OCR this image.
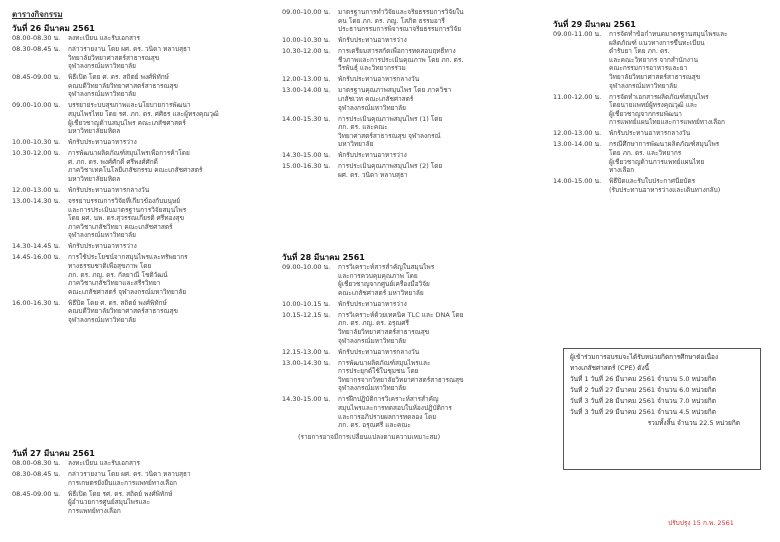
ตารางกิจกรรม
ผู้เข้าร่วมการอบรมจะได้รับหน่วยกิตการศึกษาต่อเนื่อง
ทางเภสัชศาสตร์ (CPE) ดังนี้
วันที่ 1 วันที่ 26 มีนาคม 2561 จำนวน 5.0 หน่วยกิต
วันที่ 2 วันที่ 27 มีนาคม 2561 จำนวน 6.0 หน่วยกิต
วันที่ 3 วันที่ 28 มีนาคม 2561 จำนวน 7.0 หน่วยกิต
วันที่ 3 วันที่ 29 มีนาคม 2561 จำนวน 4.5 หน่วยกิต
รวมทั้งสิ้น จำนวน 22.5 หน่วยกิต
ปรับปรุง 15 ก.พ. 2561
วันที่ 26 มีนาคม 2561
08.00-08.30 น.	ลงทะเบียน และรับเอกสาร
08.30-08.45 น.	กล่าวรายงาน โดย ผศ. ดร. วนิดา หลาบสุธา
วิทยาลัยวิทยาศาสตร์สาธารณสุข
จุฬาลงกรณ์มหาวิทยาลัย
08.45-09.00 น.	พิธีเปิด โดย ศ. ดร. สถิตย์ พงศ์พิทักษ์
คณบดีวิทยาลัยวิทยาศาสตร์สาธารณสุข
จุฬาลงกรณ์มหาวิทยาลัย
09.00-10.00 น.	บรรยายระบบสุขภาพและนโยบายการพัฒนา
สมุนไพรไทย โดย รศ. ภก. ดร. ศศิธร และผู้ทรงคุณวุฒิ
ผู้เชี่ยวชาญด้านสมุนไพร คณะเภสัชศาสตร์
มหาวิทยาลัยมหิดล
10.00-10.30 น.	พักรับประทานอาหารว่าง
10.30-12.00 น.	การพัฒนาผลิตภัณฑ์สมุนไพรเพื่อการค้าโดย
ศ. ภก. ดร. พงศ์ศักดิ์ ศรีพงศ์ศักดิ์
ภาควิชาเทคโนโลยีเภสัชกรรม คณะเภสัชศาสตร์
มหาวิทยาลัยมหิดล
12.00-13.00 น.	พักรับประทานอาหารกลางวัน
13.00-14.30 น.	จรรยาบรรณการวิจัยที่เกี่ยวข้องกับมนุษย์
และการประเมินมาตรฐานการวิจัยสมุนไพร
โดย ผศ. นพ. ดร.สุวรรณเกียรติ ศรีทองสุข
ภาควิชาเภสัชวิทยา คณะเภสัชศาสตร์
จุฬาลงกรณ์มหาวิทยาลัย
14.30-14.45 น.	พักรับประทานอาหารว่าง
14.45-16.00 น.	การใช้ประโยชน์จากสมุนไพรและทรัพยากร
ทางธรรมชาติเพื่อสุขภาพ โดย
ภก. ดร. ภญ. ดร. กัลยาณี โชติวัฒน์
ภาควิชาเภสัชวิทยาและสรีรวิทยา
คณะเภสัชศาสตร์ จุฬาลงกรณ์มหาวิทยาลัย
16.00-16.30 น.	พิธีปิด โดย ศ. ดร. สถิตย์ พงศ์พิทักษ์
คณบดีวิทยาลัยวิทยาศาสตร์สาธารณสุข
จุฬาลงกรณ์มหาวิทยาลัย
วันที่ 27 มีนาคม 2561
08.00-08.30 น.	ลงทะเบียน และรับเอกสาร
08.30-08.45 น.	กล่าวรายงาน โดย ผศ. ดร. วนิดา หลาบสุธา
การเกษตรยั่งยืนและการแพทย์ทางเลือก
08.45-09.00 น.	พิธีเปิด โดย รศ. ดร. สถิตย์ พงศ์พิทักษ์
ผู้อำนวยการศูนย์สมุนไพรและ
การแพทย์ทางเลือก
09.00-10.00 น.	มาตรฐานการทำวิจัยและจริยธรรมการวิจัยใน
คน โดย ภก. ดร. ภญ. โสภิต ธรรมอารี
ประธานกรรมการพิจารณาจริยธรรมการวิจัย
10.00-10.30 น.	พักรับประทานอาหารว่าง
10.30-12.00 น.	การเตรียมสารสกัดเพื่อการทดสอบฤทธิ์ทาง
ชีวภาพและการประเมินคุณภาพ โดย ภก. ดร.
วีรพันธุ์ และวิทยากรร่วม
12.00-13.00 น.	พักรับประทานอาหารกลางวัน
13.00-14.00 น.	มาตรฐานคุณภาพสมุนไพร โดย ภาควิชา
เภสัชเวท คณะเภสัชศาสตร์
จุฬาลงกรณ์มหาวิทยาลัย
14.00-15.30 น.	การประเมินคุณภาพสมุนไพร (1) โดย
ภก. ดร. และคณะ
วิทยาศาสตร์สาธารณสุข จุฬาลงกรณ์
มหาวิทยาลัย
14.30-15.00 น.	พักรับประทานอาหารว่าง
15.00-16.30 น.	การประเมินคุณภาพสมุนไพร (2) โดย
ผศ. ดร. วนิดา หลาบสุธา
วันที่ 28 มีนาคม 2561
09.00-10.00 น.	การวิเคราะห์สารสำคัญในสมุนไพร
และการควบคุมคุณภาพ โดย
ผู้เชี่ยวชาญจากศูนย์เครื่องมือวิจัย
คณะเภสัชศาสตร์ มหาวิทยาลัย
10.00-10.15 น.	พักรับประทานอาหารว่าง
10.15-12.15 น.	การวิเคราะห์ด้วยเทคนิค TLC และ DNA โดย
ภก. ดร. ภญ. ดร. อรุณศรี
วิทยาลัยวิทยาศาสตร์สาธารณสุข
จุฬาลงกรณ์มหาวิทยาลัย
12.15-13.00 น.	พักรับประทานอาหารกลางวัน
13.00-14.30 น.	การพัฒนาผลิตภัณฑ์สมุนไพรและ
การประยุกต์ใช้ในชุมชน โดย
วิทยากรจากวิทยาลัยวิทยาศาสตร์สาธารณสุข
จุฬาลงกรณ์มหาวิทยาลัย
14.30-15.00 น.	การฝึกปฏิบัติการวิเคราะห์สารสำคัญ
สมุนไพรและการทดสอบในห้องปฏิบัติการ
และการอภิปรายผลการทดลอง โดย
ภก. ดร. อรุณศรี และคณะ
(รายการอาจมีการเปลี่ยนแปลงตามความเหมาะสม)
วันที่ 29 มีนาคม 2561
09.00-11.00 น.	การจัดทำข้อกำหนดมาตรฐานสมุนไพรและ
ผลิตภัณฑ์ แนวทางการขึ้นทะเบียน
ตำรับยา โดย ภก. ดร.
และคณะวิทยากร จากสำนักงาน
คณะกรรมการอาหารและยา
วิทยาลัยวิทยาศาสตร์สาธารณสุข
จุฬาลงกรณ์มหาวิทยาลัย
11.00-12.00 น.	การจัดทำเอกสารผลิตภัณฑ์สมุนไพร
โดยนายแพทย์ผู้ทรงคุณวุฒิ และ
ผู้เชี่ยวชาญจากกรมพัฒนา
การแพทย์แผนไทยและการแพทย์ทางเลือก
12.00-13.00 น.	พักรับประทานอาหารกลางวัน
13.00-14.00 น.	กรณีศึกษาการพัฒนาผลิตภัณฑ์สมุนไพร
โดย ภก. ดร. และวิทยากร
ผู้เชี่ยวชาญด้านการแพทย์แผนไทย
ทางเลือก
14.00-15.00 น.	พิธีปิดและรับใบประกาศนียบัตร
(รับประทานอาหารว่างและเดินทางกลับ)
